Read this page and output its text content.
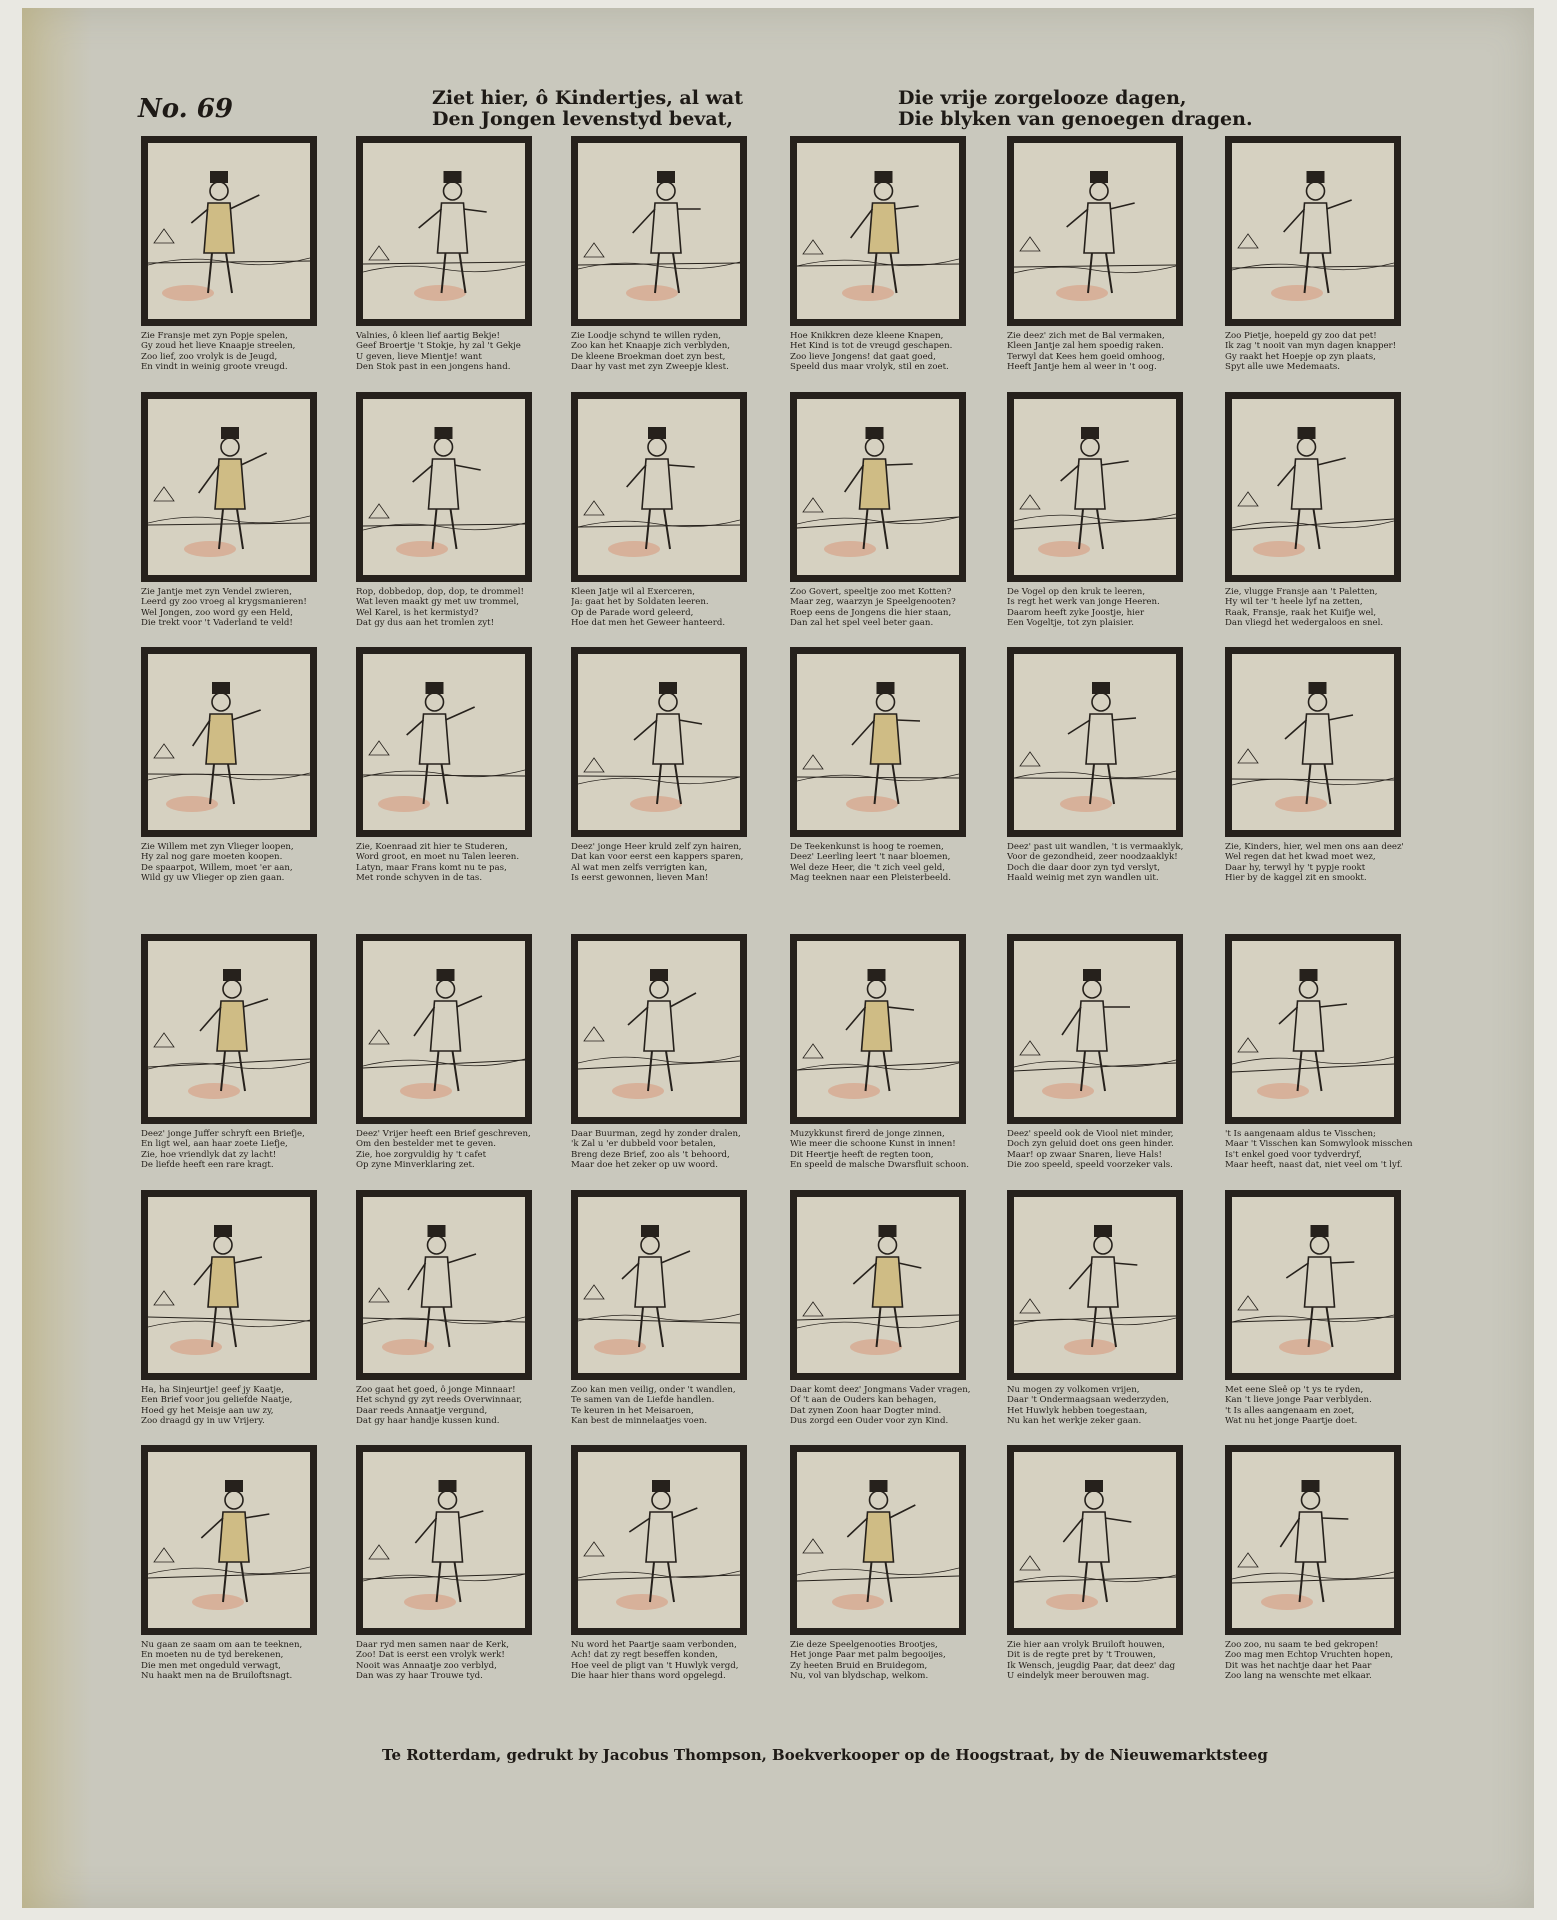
No. 69	Ziet hier, ô Kindertjes, al wat
Den Jongen levenstyd bevat,
Die vrije zorgelooze dagen,
Die blyken van genoegen dragen.
Zie Fransje met zyn Popje spelen,
Gy zoud het lieve Knaapje streelen,
Zoo lief, zoo vrolyk is de Jeugd,
En vindt in weinig groote vreugd.
Valnies, ô kleen lief aartig Bekje!
Geef Broertje 't Stokje, hy zal 't Gekje
U geven, lieve Mientje! want
Den Stok past in een jongens hand.
Zie Loodje schynd te willen ryden,
Zoo kan het Knaapje zich verblyden,
De kleene Broekman doet zyn best,
Daar hy vast met zyn Zweepje klest.
Hoe Knikkren deze kleene Knapen,
Het Kind is tot de vreugd geschapen.
Zoo lieve Jongens! dat gaat goed,
Speeld dus maar vrolyk, stil en zoet.
Zie deez' zich met de Bal vermaken,
Kleen Jantje zal hem spoedig raken.
Terwyl dat Kees hem goeid omhoog,
Heeft Jantje hem al weer in 't oog.
Zoo Pietje, hoepeld gy zoo dat pet!
Ik zag 't nooit van myn dagen knapper!
Gy raakt het Hoepje op zyn plaats,
Spyt alle uwe Medemaats.
Zie Jantje met zyn Vendel zwieren,
Leerd gy zoo vroeg al krygsmanieren!
Wel Jongen, zoo word gy een Held,
Die trekt voor 't Vaderland te veld!
Rop, dobbedop, dop, dop, te drommel!
Wat leven maakt gy met uw trommel,
Wel Karel, is het kermistyd?
Dat gy dus aan het tromlen zyt!
Kleen Jatje wil al Exerceren,
Ja: gaat het by Soldaten leeren.
Op de Parade word geleerd,
Hoe dat men het Geweer hanteerd.
Zoo Govert, speeltje zoo met Kotten?
Maar zeg, waarzyn je Speelgenooten?
Roep eens de Jongens die hier staan,
Dan zal het spel veel beter gaan.
De Vogel op den kruk te leeren,
Is regt het werk van jonge Heeren.
Daarom heeft zyke Joostje, hier
Een Vogeltje, tot zyn plaisier.
Zie, vlugge Fransje aan 't Paletten,
Hy wil ter 't heele lyf na zetten,
Raak, Fransje, raak het Kuifje wel,
Dan vliegd het wedergaloos en snel.
Zie Willem met zyn Vlieger loopen,
Hy zal nog gare moeten koopen.
De spaarpot, Willem, moet 'er aan,
Wild gy uw Vlieger op zien gaan.
Zie, Koenraad zit hier te Studeren,
Word groot, en moet nu Talen leeren.
Latyn, maar Frans komt nu te pas,
Met ronde schyven in de tas.
Deez' jonge Heer kruld zelf zyn hairen,
Dat kan voor eerst een kappers sparen,
Al wat men zelfs verrigten kan,
Is eerst gewonnen, lieven Man!
De Teekenkunst is hoog te roemen,
Deez' Leerling leert 't naar bloemen,
Wel deze Heer, die 't zich veel geld,
Mag teeknen naar een Pleisterbeeld.
Deez' past uit wandlen, 't is vermaaklyk,
Voor de gezondheid, zeer noodzaaklyk!
Doch die daar door zyn tyd verslyt,
Haald weinig met zyn wandlen uit.
Zie, Kinders, hier, wel men ons aan deez'
Wel regen dat het kwad moet wez,
Daar hy, terwyl hy 't pypje rookt
Hier by de kaggel zit en smookt.
Deez' jonge Juffer schryft een Briefje,
En ligt wel, aan haar zoete Liefje,
Zie, hoe vriendlyk dat zy lacht!
De liefde heeft een rare kragt.
Deez' Vrijer heeft een Brief geschreven,
Om den bestelder met te geven.
Zie, hoe zorgvuldig hy 't cafet
Op zyne Minverklaring zet.
Daar Buurman, zegd hy zonder dralen,
'k Zal u 'er dubbeld voor betalen,
Breng deze Brief, zoo als 't behoord,
Maar doe het zeker op uw woord.
Muzykkunst firerd de jonge zinnen,
Wie meer die schoone Kunst in innen!
Dit Heertje heeft de regten toon,
En speeld de malsche Dwarsfluit schoon.
Deez' speeld ook de Viool niet minder,
Doch zyn geluid doet ons geen hinder.
Maar! op zwaar Snaren, lieve Hals!
Die zoo speeld, speeld voorzeker vals.
't Is aangenaam aldus te Visschen;
Maar 't Visschen kan Somwylook misschen
Is't enkel goed voor tydverdryf,
Maar heeft, naast dat, niet veel om 't lyf.
Ha, ha Sinjeurtje! geef jy Kaatje,
Een Brief voor jou geliefde Naatje,
Hoed gy het Meisje aan uw zy,
Zoo draagd gy in uw Vrijery.
Zoo gaat het goed, ô jonge Minnaar!
Het schynd gy zyt reeds Overwinnaar,
Daar reeds Annaatje vergund,
Dat gy haar handje kussen kund.
Zoo kan men veilig, onder 't wandlen,
Te samen van de Liefde handlen.
Te keuren in het Meisaroen,
Kan best de minnelaatjes voen.
Daar komt deez' Jongmans Vader vragen,
Of 't aan de Ouders kan behagen,
Dat zynen Zoon haar Dogter mind.
Dus zorgd een Ouder voor zyn Kind.
Nu mogen zy volkomen vrijen,
Daar 't Ondermaagsaan wederzyden,
Het Huwlyk hebben toegestaan,
Nu kan het werkje zeker gaan.
Met eene Sleê op 't ys te ryden,
Kan 't lieve jonge Paar verblyden.
't Is alles aangenaam en zoet,
Wat nu het jonge Paartje doet.
Nu gaan ze saam om aan te teeknen,
En moeten nu de tyd berekenen,
Die men met ongeduld verwagt,
Nu haakt men na de Bruiloftsnagt.
Daar ryd men samen naar de Kerk,
Zoo! Dat is eerst een vrolyk werk!
Nooit was Annaatje zoo verblyd,
Dan was zy haar Trouwe tyd.
Nu word het Paartje saam verbonden,
Ach! dat zy regt beseffen konden,
Hoe veel de pligt van 't Huwlyk vergd,
Die haar hier thans word opgelegd.
Zie deze Speelgenooties Brootjes,
Het jonge Paar met palm begooijes,
Zy heeten Bruid en Bruidegom,
Nu, vol van blydschap, welkom.
Zie hier aan vrolyk Bruiloft houwen,
Dit is de regte pret by 't Trouwen,
Ik Wensch, jeugdig Paar, dat deez' dag
U eindelyk meer berouwen mag.
Zoo zoo, nu saam te bed gekropen!
Zoo mag men Echtop Vruchten hopen,
Dit was het nachtje daar het Paar
Zoo lang na wenschte met elkaar.
Te Rotterdam, gedrukt by Jacobus Thompson, Boekverkooper op de Hoogstraat, by de Nieuwemarktsteeg
